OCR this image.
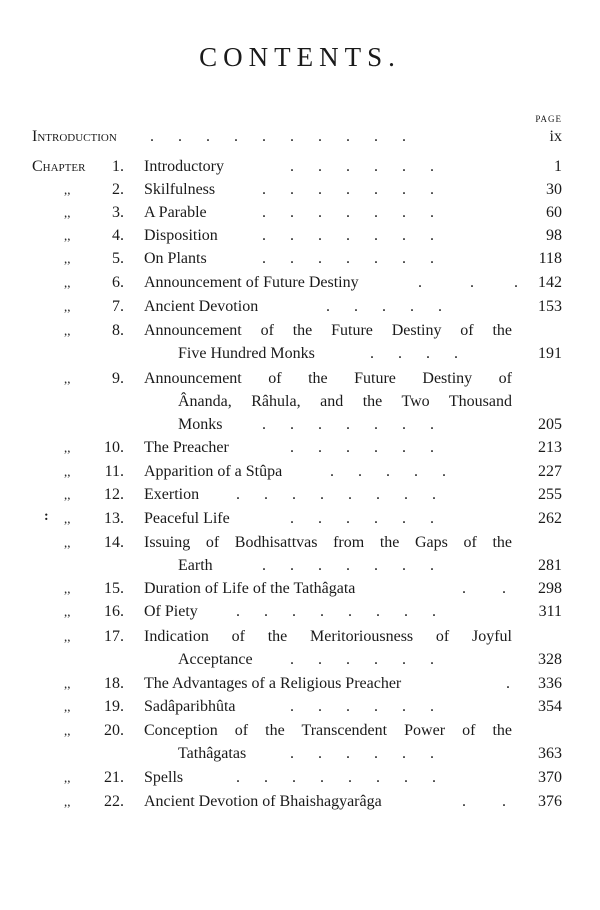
CONTENTS.
PAGE
Introduction .      .      .      .      .      .      .      .      .      .	ix
Chapter	1. Introductory	.      .      .      .      .      .	1
,,	2. Skilfulness	.      .      .      .      .      .      .	30
,,	3. A Parable	.      .      .      .      .      .      .	60
,,	4. Disposition	.      .      .      .      .      .      .	98
,,	5. On Plants	.      .      .      .      .      .      .	118
,,	6. Announcement of Future Destiny	.            .          .	142
,,	7. Ancient Devotion	.      .      .      .      .	153
,,	8. Announcement of the Future Destiny of the
Five Hundred Monks	.      .      .      .	191
,,	9. Announcement of the Future Destiny of
Ânanda, Râhula, and the Two Thousand
Monks .      .      .      .      .      .      .	205
,,	10. The Preacher	.      .      .      .      .      .	213
,,	11. Apparition of a Stûpa	.      .      .      .      .	227
,,	12. Exertion .      .      .      .      .      .      .      .	255
: ,,	13. Peaceful Life	.      .      .      .      .      .	262
,,	14. Issuing of Bodhisattvas from the Gaps of the
Earth	.      .      .      .      .      .      .	281
,,	15. Duration of Life of the Tathâgata	.         .	298
,,	16. Of Piety .      .      .      .      .      .      .      .	311
,,	17. Indication of the Meritoriousness of Joyful
Acceptance .      .      .      .      .      .	328
,,	18. The Advantages of a Religious Preacher	.	336
,,	19. Sadâparibhûta	.      .      .      .      .      .	354
,,	20. Conception of the Transcendent Power of the
Tathâgatas	.      .      .      .      .      .	363
,,	21. Spells	.      .      .      .      .      .      .      .	370
,,	22. Ancient Devotion of Bhaishagyarâga	.         .	376
